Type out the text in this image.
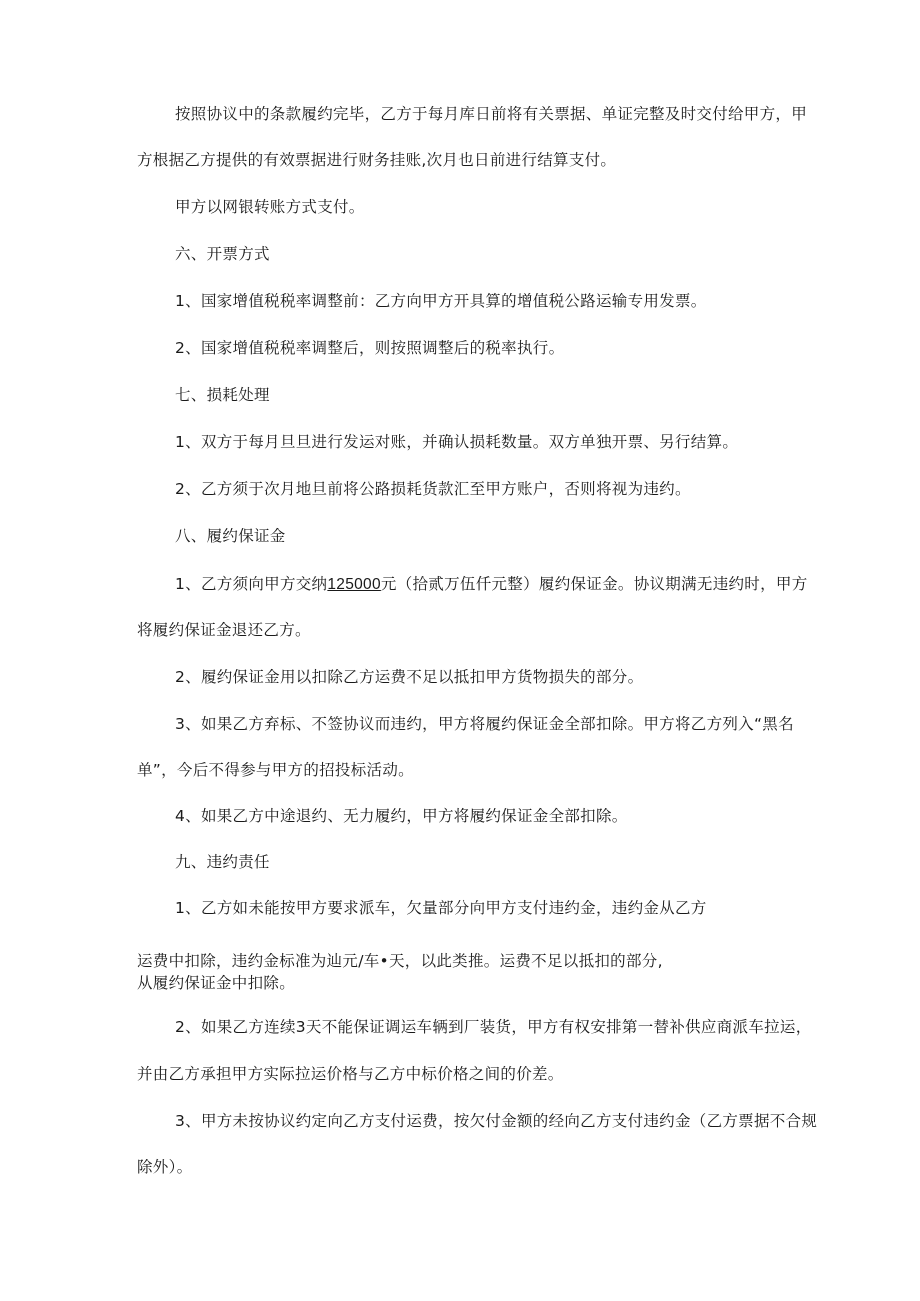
按照协议中的条款履约完毕，乙方于每月库日前将有关票据、单证完整及时交付给甲方，甲
方根据乙方提供的有效票据进行财务挂账,次月也日前进行结算支付。
甲方以网银转账方式支付。
六、开票方式
1、国家增值税税率调整前：乙方向甲方开具算的增值税公路运输专用发票。
2、国家增值税税率调整后，则按照调整后的税率执行。
七、损耗处理
1、双方于每月旦旦进行发运对账，并确认损耗数量。双方单独开票、另行结算。
2、乙方须于次月地旦前将公路损耗货款汇至甲方账户，否则将视为违约。
八、履约保证金
1、乙方须向甲方交纳125000元（拾贰万伍仟元整）履约保证金。协议期满无违约时，甲方
将履约保证金退还乙方。
2、履约保证金用以扣除乙方运费不足以抵扣甲方货物损失的部分。
3、如果乙方弃标、不签协议而违约，甲方将履约保证金全部扣除。甲方将乙方列入“黑名
单”，今后不得参与甲方的招投标活动。
4、如果乙方中途退约、无力履约，甲方将履约保证金全部扣除。
九、违约责任
1、乙方如未能按甲方要求派车，欠量部分向甲方支付违约金，违约金从乙方
运费中扣除，违约金标准为辿元/车•天，以此类推。运费不足以抵扣的部分,
从履约保证金中扣除。
2、如果乙方连续3天不能保证调运车辆到厂装货，甲方有权安排第一替补供应商派车拉运，
并由乙方承担甲方实际拉运价格与乙方中标价格之间的价差。
3、甲方未按协议约定向乙方支付运费，按欠付金额的经向乙方支付违约金（乙方票据不合规
除外）。
